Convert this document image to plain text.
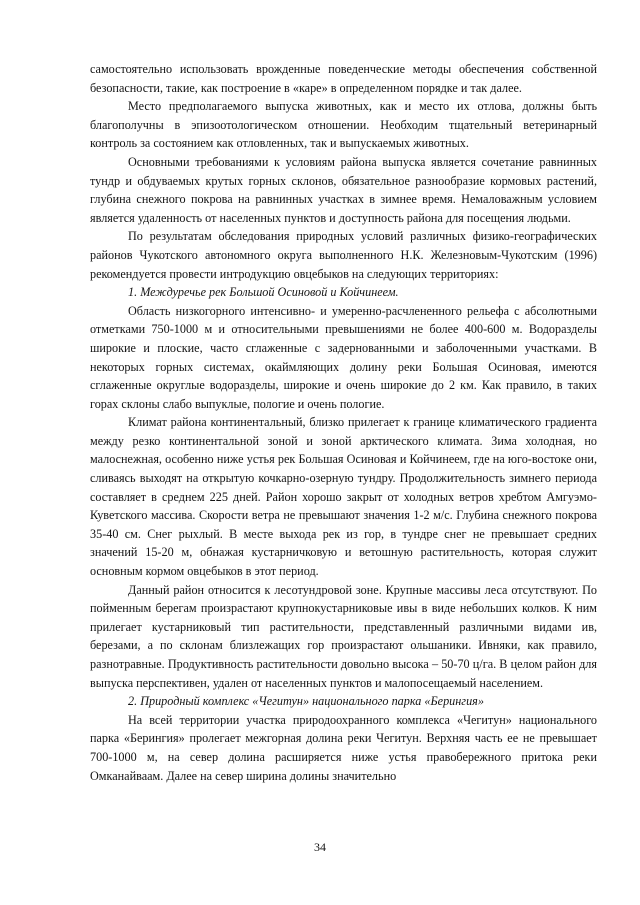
самостоятельно использовать врожденные поведенческие методы обеспечения собственной безопасности, такие, как построение в «каре» в определенном порядке и так далее.

Место предполагаемого выпуска животных, как и место их отлова, должны быть благополучны в эпизоотологическом отношении. Необходим тщательный ветеринарный контроль за состоянием как отловленных, так и выпускаемых животных.

Основными требованиями к условиям района выпуска является сочетание равнинных тундр и обдуваемых крутых горных склонов, обязательное разнообразие кормовых растений, глубина снежного покрова на равнинных участках в зимнее время. Немаловажным условием является удаленность от населенных пунктов и доступность района для посещения людьми.

По результатам обследования природных условий различных физико-географических районов Чукотского автономного округа выполненного Н.К. Железновым-Чукотским (1996) рекомендуется провести интродукцию овцебыков на следующих территориях:

1. Междуречье рек Большой Осиновой и Койчинеем.

Область низкогорного интенсивно- и умеренно-расчлененного рельефа с абсолютными отметками 750-1000 м и относительными превышениями не более 400-600 м. Водоразделы широкие и плоские, часто сглаженные с задернованными и заболоченными участками. В некоторых горных системах, окаймляющих долину реки Большая Осиновая, имеются сглаженные округлые водоразделы, широкие и очень широкие до 2 км. Как правило, в таких горах склоны слабо выпуклые, пологие и очень пологие.

Климат района континентальный, близко прилегает к границе климатического градиента между резко континентальной зоной и зоной арктического климата. Зима холодная, но малоснежная, особенно ниже устья рек Большая Осиновая и Койчинеем, где на юго-востоке они, сливаясь выходят на открытую кочкарно-озерную тундру. Продолжительность зимнего периода составляет в среднем 225 дней. Район хорошо закрыт от холодных ветров хребтом Амгуэмо-Куветского массива. Скорости ветра не превышают значения 1-2 м/с. Глубина снежного покрова 35-40 см. Снег рыхлый. В месте выхода рек из гор, в тундре снег не превышает средних значений 15-20 м, обнажая кустарничковую и ветошную растительность, которая служит основным кормом овцебыков в этот период.

Данный район относится к лесотундровой зоне. Крупные массивы леса отсутствуют. По пойменным берегам произрастают крупнокустарниковые ивы в виде небольших колков. К ним прилегает кустарниковый тип растительности, представленный различными видами ив, березами, а по склонам близлежащих гор произрастают ольшаники. Ивняки, как правило, разнотравные. Продуктивность растительности довольно высока – 50-70 ц/га. В целом район для выпуска перспективен, удален от населенных пунктов и малопосещаемый населением.

2. Природный комплекс «Чегитун» национального парка «Берингия»

На всей территории участка природоохранного комплекса «Чегитун» национального парка «Берингия» пролегает межгорная долина реки Чегитун. Верхняя часть ее не превышает 700-1000 м, на север долина расширяется ниже устья правобережного притока реки Омканайваам. Далее на север ширина долины значительно

34
